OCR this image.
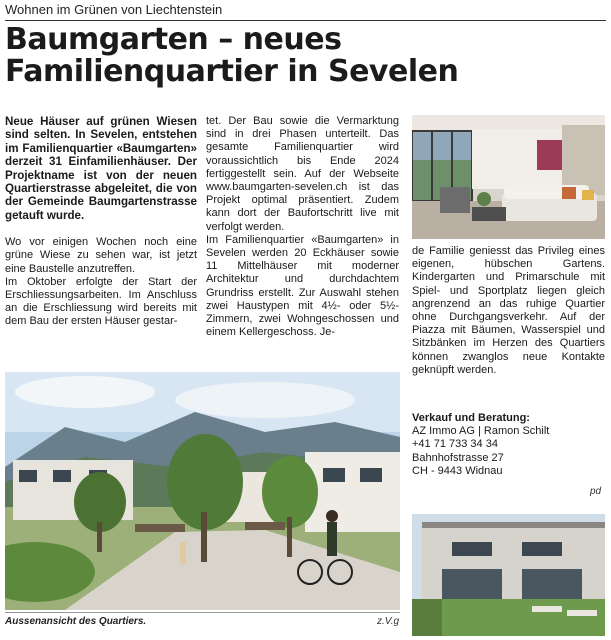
Wohnen im Grünen von Liechtenstein
Baumgarten – neues Familienquartier in Sevelen

Neue Häuser auf grünen Wiesen sind selten. In Sevelen, entstehen im Familienquartier «Baumgarten» derzeit 31 Einfamilienhäuser. Der Projektname ist von der neuen Quartierstrasse abgeleitet, die von der Gemeinde Baumgartenstrasse getauft wurde.

Wo vor einigen Wochen noch eine grüne Wiese zu sehen war, ist jetzt eine Baustelle anzutreffen.

Im Oktober erfolgte der Start der Erschliessungsarbeiten. Im Anschluss an die Erschliessung wird bereits mit dem Bau der ersten Häuser gestar-

tet. Der Bau sowie die Vermarktung sind in drei Phasen unterteilt. Das gesamte Familienquartier wird voraussichtlich bis Ende 2024 fertiggestellt sein. Auf der Webseite www.baumgarten-sevelen.ch ist das Projekt optimal präsentiert. Zudem kann dort der Baufortschritt live mit verfolgt werden.

Im Familienquartier «Baumgarten» in Sevelen werden 20 Eckhäuser sowie 11 Mittelhäuser mit moderner Architektur und durchdachtem Grundriss erstellt. Zur Auswahl stehen zwei Haustypen mit 4½- oder 5½-Zimmern, zwei Wohngeschossen und einem Kellergeschoss. Je-

de Familie geniesst das Privileg eines eigenen, hübschen Gartens. Kindergarten und Primarschule mit Spiel- und Sportplatz liegen gleich angrenzend an das ruhige Quartier ohne Durchgangsverkehr. Auf der Piazza mit Bäumen, Wasserspiel und Sitzbänken im Herzen des Quartiers können zwanglos neue Kontakte geknüpft werden.

Verkauf und Beratung:
AZ Immo AG | Ramon Schilt
+41 71 733 34 34
Bahnhofstrasse 27
CH - 9443 Widnau
pd
Aussenansicht des Quartiers.	z.V.g
